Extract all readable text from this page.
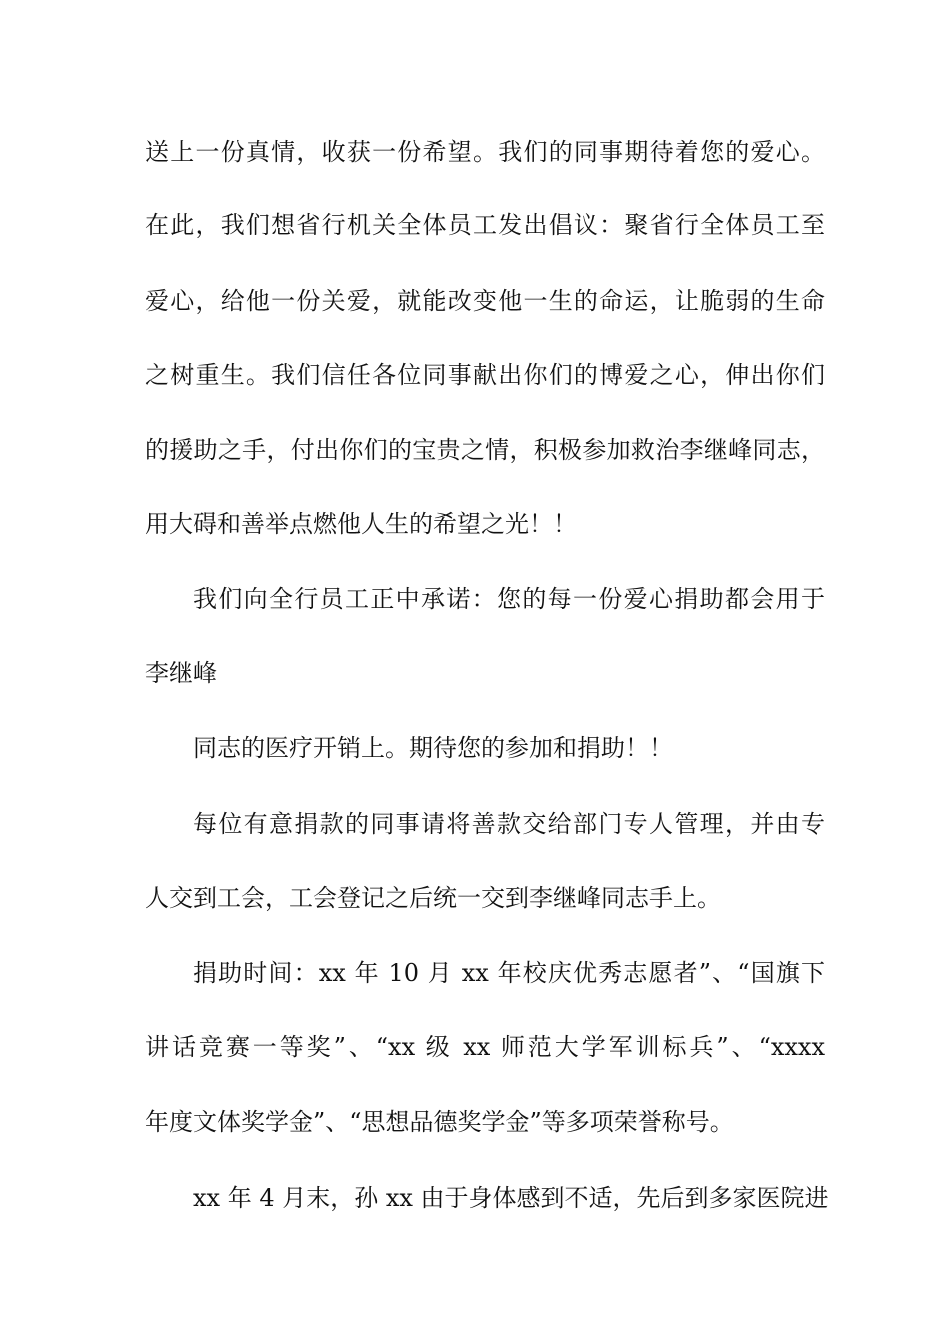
送上一份真情，收获一份希望。我们的同事期待着您的爱心。
在此，我们想省行机关全体员工发出倡议：聚省行全体员工至
爱心，给他一份关爱，就能改变他一生的命运，让脆弱的生命
之树重生。我们信任各位同事献出你们的博爱之心，伸出你们
的援助之手，付出你们的宝贵之情，积极参加救治李继峰同志，
用大碍和善举点燃他人生的希望之光！！
我们向全行员工正中承诺：您的每一份爱心捐助都会用于
李继峰
同志的医疗开销上。期待您的参加和捐助！！
每位有意捐款的同事请将善款交给部门专人管理，并由专
人交到工会，工会登记之后统一交到李继峰同志手上。
捐助时间：xx 年 10 月 xx 年校庆优秀志愿者”、“国旗下
讲话竞赛一等奖”、“xx 级 xx 师范大学军训标兵”、“xxxx
年度文体奖学金”、“思想品德奖学金”等多项荣誉称号。
xx 年 4 月末，孙 xx 由于身体感到不适，先后到多家医院进
